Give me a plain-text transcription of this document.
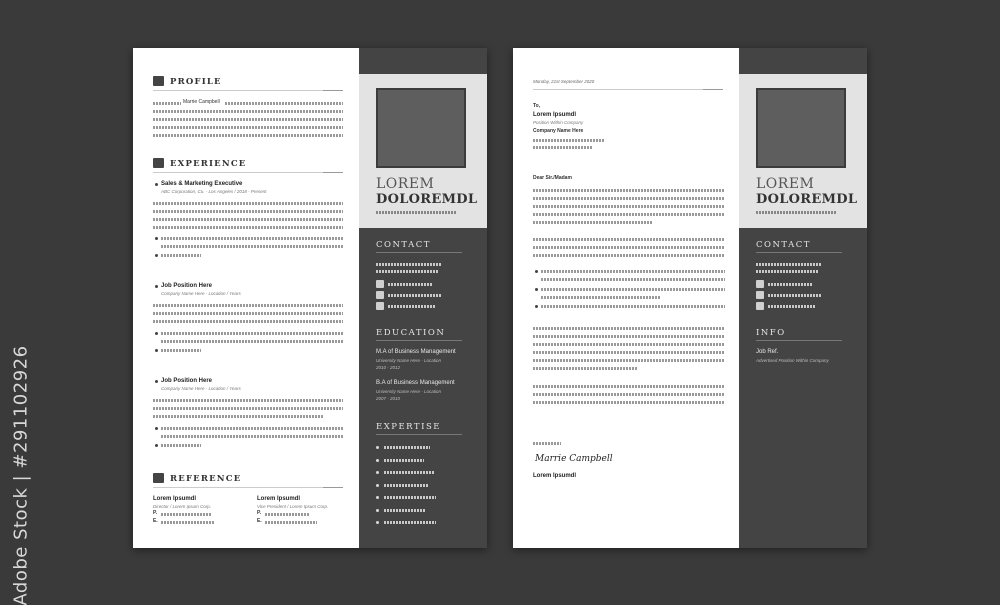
Adobe Stock | #291102926
PROFILE
Marrie Campbell
EXPERIENCE
Sales & Marketing Executive
ABC Corporation, Co. - Los Angeles / 2018 - Present
Job Position Here
Company Name Here - Location / Years
Job Position Here
Company Name Here - Location / Years
REFERENCE
Lorem Ipsumdl
Director / Lorem Ipsum Corp.
P.
E.
Lorem Ipsumdl
Vice President / Lorem Ipsum Corp.
P.
E.
LOREM
DOLOREMDL
CONTACT
EDUCATION
M.A of Business Management
University Name Here - Location
2010 - 2012
B.A of Business Management
University Name Here - Location
2007 - 2010
EXPERTISE
Monday, 21st September 2020
To,
Lorem Ipsumdl
Position Within Company
Company Name Here
Dear Sir./Madam
Marrie Campbell
Lorem Ipsumdl
LOREM
DOLOREMDL
CONTACT
INFO
Job Ref.
Advertised Position Within Company
